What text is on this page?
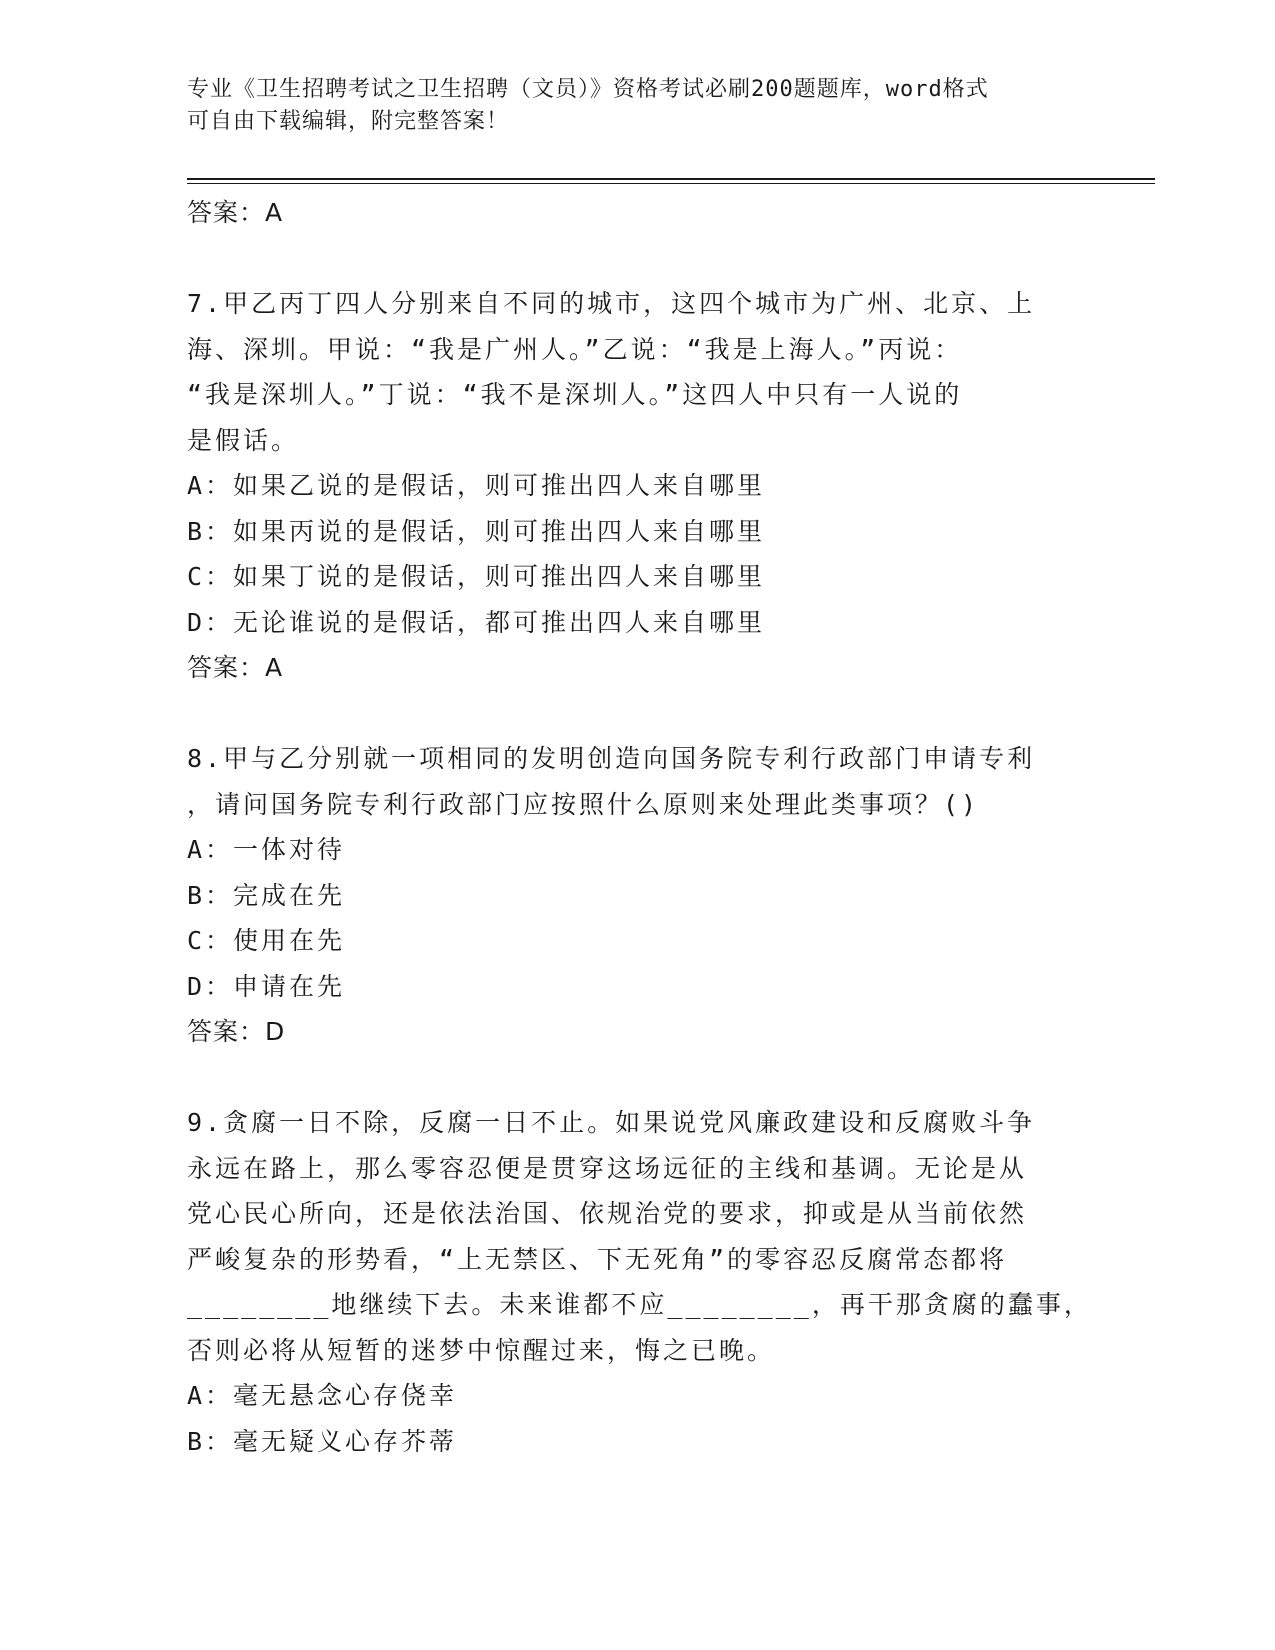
专业《卫生招聘考试之卫生招聘（文员）》资格考试必刷200题题库，word格式
可自由下载编辑，附完整答案！
答案：A
7.甲乙丙丁四人分别来自不同的城市，这四个城市为广州、北京、上
海、深圳。甲说：“我是广州人。”乙说：“我是上海人。”丙说：
“我是深圳人。”丁说：“我不是深圳人。”这四人中只有一人说的
是假话。
A：如果乙说的是假话，则可推出四人来自哪里
B：如果丙说的是假话，则可推出四人来自哪里
C：如果丁说的是假话，则可推出四人来自哪里
D：无论谁说的是假话，都可推出四人来自哪里
答案：A
8.甲与乙分别就一项相同的发明创造向国务院专利行政部门申请专利
，请问国务院专利行政部门应按照什么原则来处理此类事项？()
A：一体对待
B：完成在先
C：使用在先
D：申请在先
答案：D
9.贪腐一日不除，反腐一日不止。如果说党风廉政建设和反腐败斗争
永远在路上，那么零容忍便是贯穿这场远征的主线和基调。无论是从
党心民心所向，还是依法治国、依规治党的要求，抑或是从当前依然
严峻复杂的形势看，“上无禁区、下无死角”的零容忍反腐常态都将
________地继续下去。未来谁都不应________，再干那贪腐的蠢事，
否则必将从短暂的迷梦中惊醒过来，悔之已晚。
A：毫无悬念心存侥幸
B：毫无疑义心存芥蒂
